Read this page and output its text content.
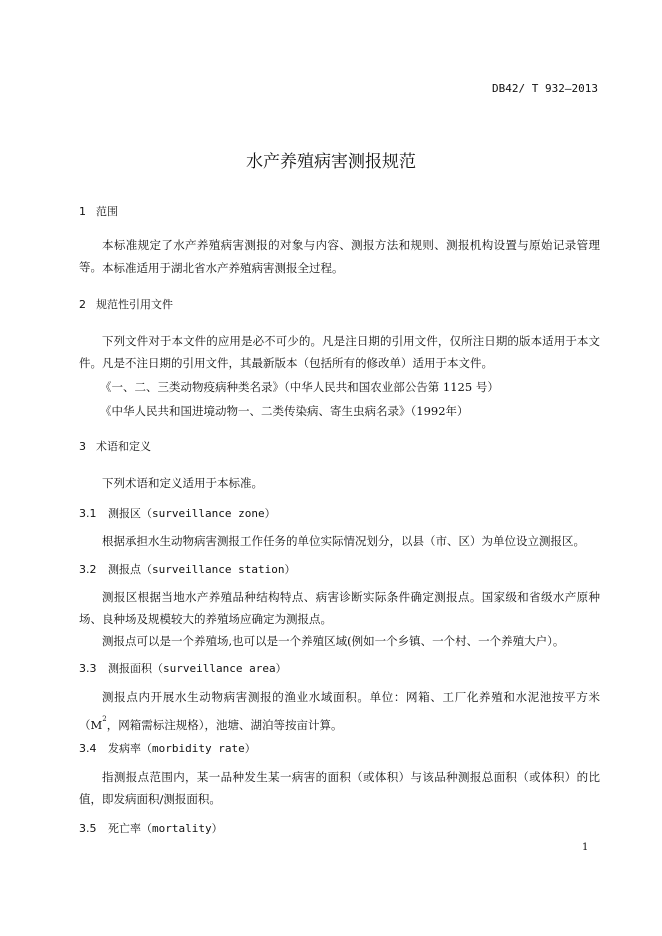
DB42/ T 932—2013
水产养殖病害测报规范
1 范围
本标准规定了水产养殖病害测报的对象与内容、测报方法和规则、测报机构设置与原始记录管理等。 本标准适用于湖北省水产养殖病害测报全过程。
2 规范性引用文件
下列文件对于本文件的应用是必不可少的。凡是注日期的引用文件，仅所注日期的版本适用于本文件。凡是不注日期的引用文件，其最新版本（包括所有的修改单）适用于本文件。
《一、二、三类动物疫病种类名录》（中华人民共和国农业部公告第 1125 号）
《中华人民共和国进境动物一、二类传染病、寄生虫病名录》（1992年）
3 术语和定义
下列术语和定义适用于本标准。
3.1 测报区（surveillance zone）
根据承担水生动物病害测报工作任务的单位实际情况划分，以县（市、区）为单位设立测报区。
3.2 测报点（surveillance station）
测报区根据当地水产养殖品种结构特点、病害诊断实际条件确定测报点。国家级和省级水产原种场、良种场及规模较大的养殖场应确定为测报点。
测报点可以是一个养殖场,也可以是一个养殖区域(例如一个乡镇、一个村、一个养殖大户）。
3.3 测报面积（surveillance area）
测报点内开展水生动物病害测报的渔业水域面积。单位：网箱、工厂化养殖和水泥池按平方米（$M^2$，网箱需标注规格），池塘、湖泊等按亩计算。
3.4 发病率（morbidity rate）
指测报点范围内，某一品种发生某一病害的面积（或体积）与该品种测报总面积（或体积）的比值，即发病面积/测报面积。
3.5 死亡率（mortality）
1
